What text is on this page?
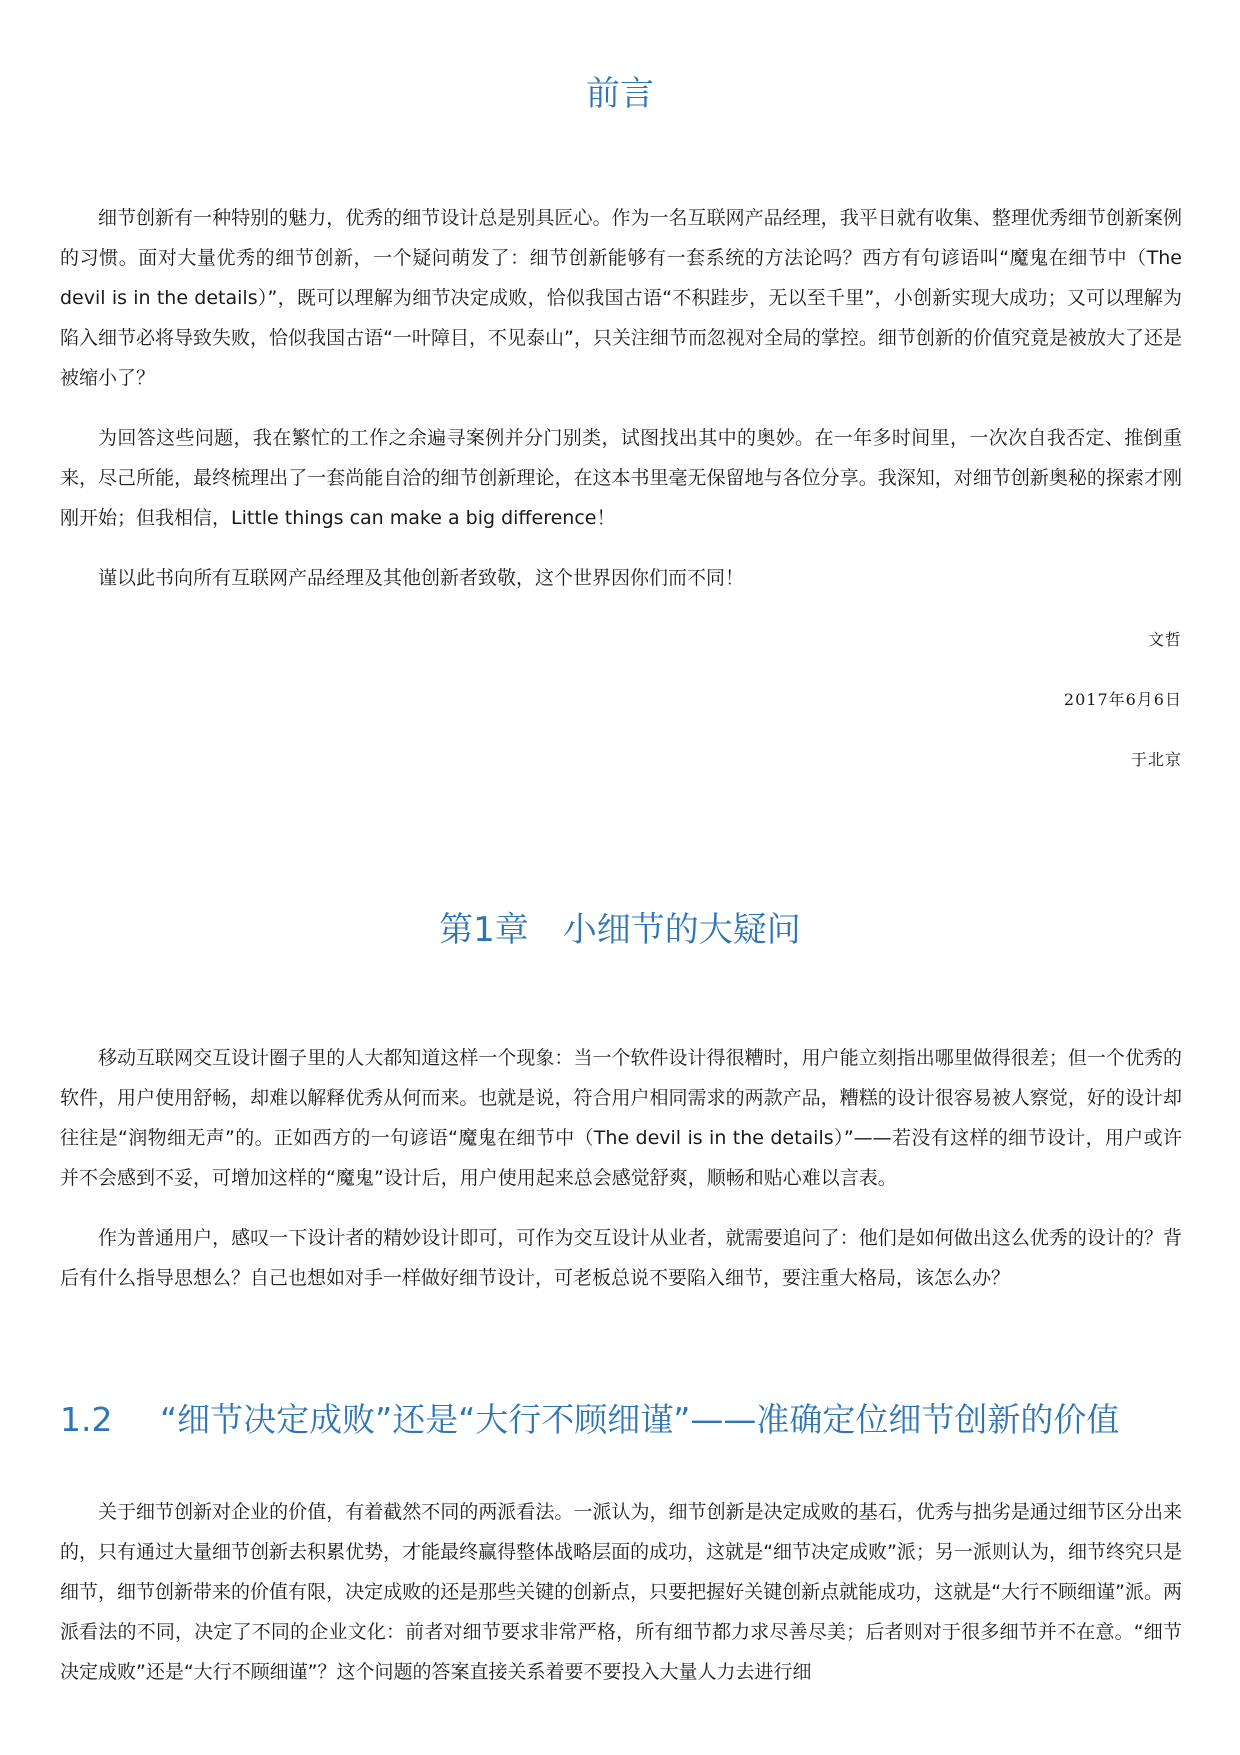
前言

细节创新有一种特别的魅力，优秀的细节设计总是别具匠心。作为一名互联网产品经理，我平日就有收集、整理优秀细节创新案例的习惯。面对大量优秀的细节创新，一个疑问萌发了：细节创新能够有一套系统的方法论吗？西方有句谚语叫“魔鬼在细节中（The devil is in the details）”，既可以理解为细节决定成败，恰似我国古语“不积跬步，无以至千里”，小创新实现大成功；又可以理解为陷入细节必将导致失败，恰似我国古语“一叶障目，不见泰山”，只关注细节而忽视对全局的掌控。细节创新的价值究竟是被放大了还是被缩小了？

为回答这些问题，我在繁忙的工作之余遍寻案例并分门别类，试图找出其中的奥妙。在一年多时间里，一次次自我否定、推倒重来，尽己所能，最终梳理出了一套尚能自洽的细节创新理论，在这本书里毫无保留地与各位分享。我深知，对细节创新奥秘的探索才刚刚开始；但我相信，Little things can make a big difference！

谨以此书向所有互联网产品经理及其他创新者致敬，这个世界因你们而不同！

文哲
2017年6月6日
于北京
第1章　小细节的大疑问

移动互联网交互设计圈子里的人大都知道这样一个现象：当一个软件设计得很糟时，用户能立刻指出哪里做得很差；但一个优秀的软件，用户使用舒畅，却难以解释优秀从何而来。也就是说，符合用户相同需求的两款产品，糟糕的设计很容易被人察觉，好的设计却往往是“润物细无声”的。正如西方的一句谚语“魔鬼在细节中（The devil is in the details）”——若没有这样的细节设计，用户或许并不会感到不妥，可增加这样的“魔鬼”设计后，用户使用起来总会感觉舒爽，顺畅和贴心难以言表。

作为普通用户，感叹一下设计者的精妙设计即可，可作为交互设计从业者，就需要追问了：他们是如何做出这么优秀的设计的？背后有什么指导思想么？自己也想如对手一样做好细节设计，可老板总说不要陷入细节，要注重大格局，该怎么办？

1.2 “细节决定成败”还是“大行不顾细谨”——准确定位细节创新的价值

关于细节创新对企业的价值，有着截然不同的两派看法。一派认为，细节创新是决定成败的基石，优秀与拙劣是通过细节区分出来的，只有通过大量细节创新去积累优势，才能最终赢得整体战略层面的成功，这就是“细节决定成败”派；另一派则认为，细节终究只是细节，细节创新带来的价值有限，决定成败的还是那些关键的创新点，只要把握好关键创新点就能成功，这就是“大行不顾细谨”派。两派看法的不同，决定了不同的企业文化：前者对细节要求非常严格，所有细节都力求尽善尽美；后者则对于很多细节并不在意。“细节决定成败”还是“大行不顾细谨”？这个问题的答案直接关系着要不要投入大量人力去进行细
